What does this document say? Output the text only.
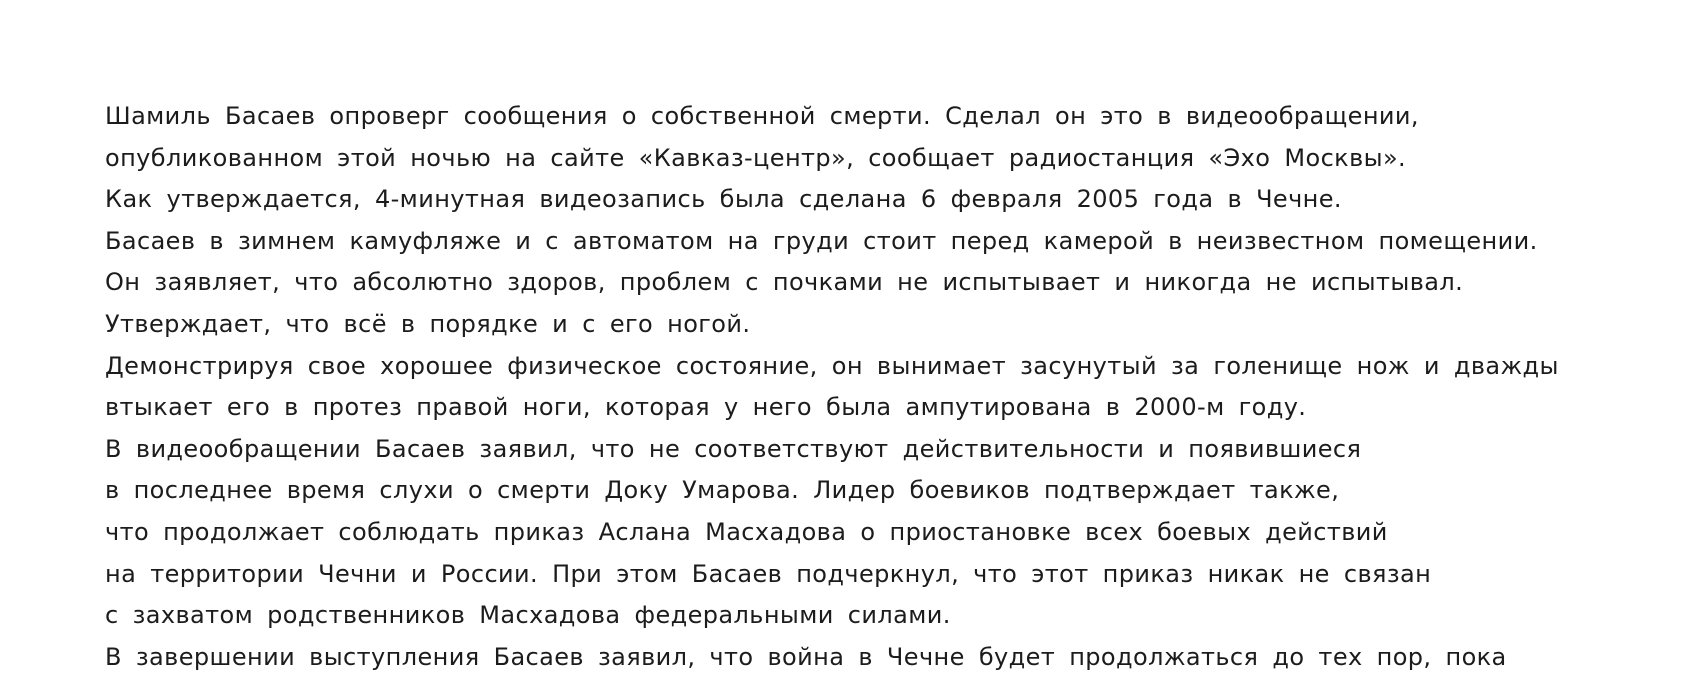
Шамиль Басаев опроверг сообщения о собственной смерти. Сделал он это в видеообращении,
опубликованном этой ночью на сайте «Кавказ-центр», сообщает радиостанция «Эхо Москвы».
Как утверждается, 4-минутная видеозапись была сделана 6 февраля 2005 года в Чечне.
Басаев в зимнем камуфляже и с автоматом на груди стоит перед камерой в неизвестном помещении.
Он заявляет, что абсолютно здоров, проблем с почками не испытывает и никогда не испытывал.
Утверждает, что всё в порядке и с его ногой.
Демонстрируя свое хорошее физическое состояние, он вынимает засунутый за голенище нож и дважды
втыкает его в протез правой ноги, которая у него была ампутирована в 2000-м году.
В видеообращении Басаев заявил, что не соответствуют действительности и появившиеся
в последнее время слухи о смерти Доку Умарова. Лидер боевиков подтверждает также,
что продолжает соблюдать приказ Аслана Масхадова о приостановке всех боевых действий
на территории Чечни и России. При этом Басаев подчеркнул, что этот приказ никак не связан
с захватом родственников Масхадова федеральными силами.
В завершении выступления Басаев заявил, что война в Чечне будет продолжаться до тех пор, пока
